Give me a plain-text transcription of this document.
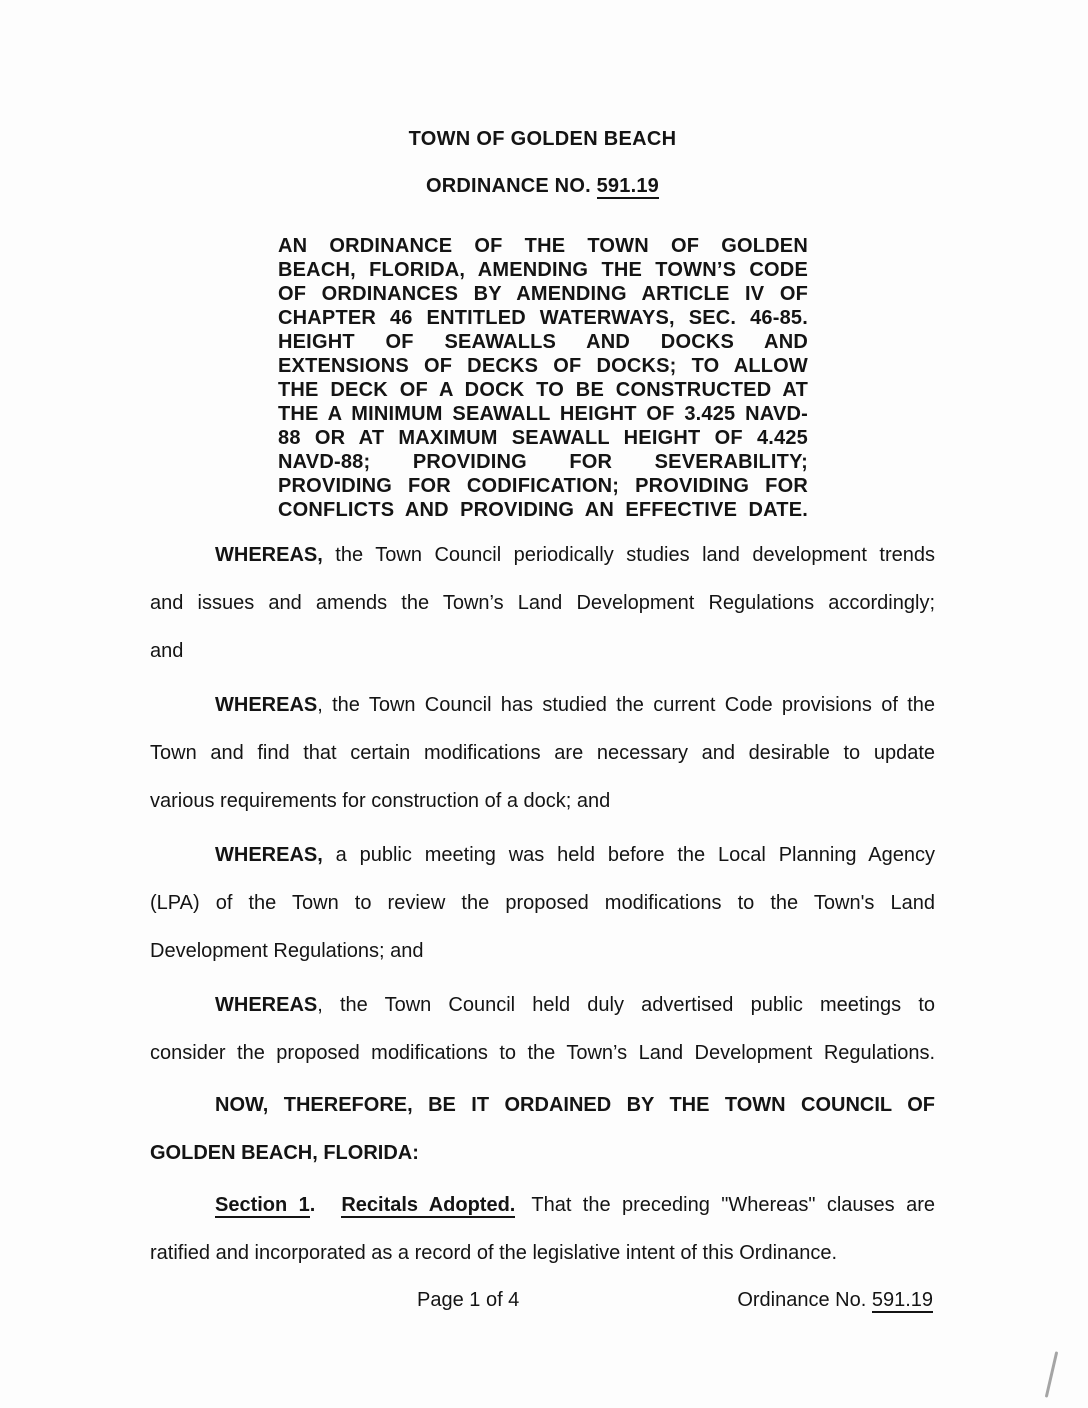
TOWN OF GOLDEN BEACH
ORDINANCE NO. 591.19
AN ORDINANCE OF THE TOWN OF GOLDEN
BEACH, FLORIDA, AMENDING THE TOWN’S CODE
OF ORDINANCES BY AMENDING ARTICLE IV OF
CHAPTER 46 ENTITLED WATERWAYS, SEC. 46-85.
HEIGHT OF SEAWALLS AND DOCKS AND
EXTENSIONS OF DECKS OF DOCKS; TO ALLOW
THE DECK OF A DOCK TO BE CONSTRUCTED AT
THE A MINIMUM SEAWALL HEIGHT OF 3.425 NAVD-
88 OR AT MAXIMUM SEAWALL HEIGHT OF 4.425
NAVD-88; PROVIDING FOR SEVERABILITY;
PROVIDING FOR CODIFICATION; PROVIDING FOR
CONFLICTS AND PROVIDING AN EFFECTIVE DATE.
WHEREAS, the Town Council periodically studies land development trends
and issues and amends the Town’s Land Development Regulations accordingly;
and
WHEREAS, the Town Council has studied the current Code provisions of the
Town and find that certain modifications are necessary and desirable to update
various requirements for construction of a dock; and
WHEREAS, a public meeting was held before the Local Planning Agency
(LPA) of the Town to review the proposed modifications to the Town's Land
Development Regulations; and
WHEREAS, the Town Council held duly advertised public meetings to
consider the proposed modifications to the Town’s Land Development Regulations.
NOW, THEREFORE, BE IT ORDAINED BY THE TOWN COUNCIL OF
GOLDEN BEACH, FLORIDA:
Section 1. Recitals Adopted. That the preceding "Whereas" clauses are
ratified and incorporated as a record of the legislative intent of this Ordinance.
Page 1 of 4	Ordinance No. 591.19
